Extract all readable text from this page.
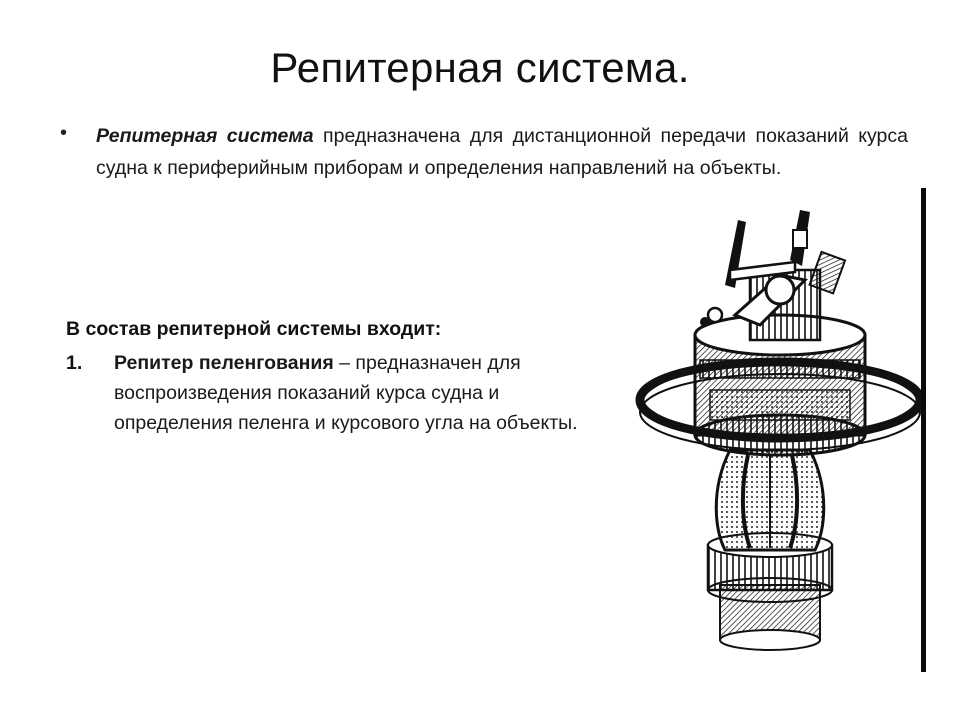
Репитерная система.
• Репитерная система предназначена для дистанционной передачи показаний курса судна к периферийным приборам и определения направлений на объекты.
В состав репитерной системы входит:
1. Репитер пеленгования – предназначен для воспроизведения показаний курса судна и определения пеленга и курсового угла на объекты.
